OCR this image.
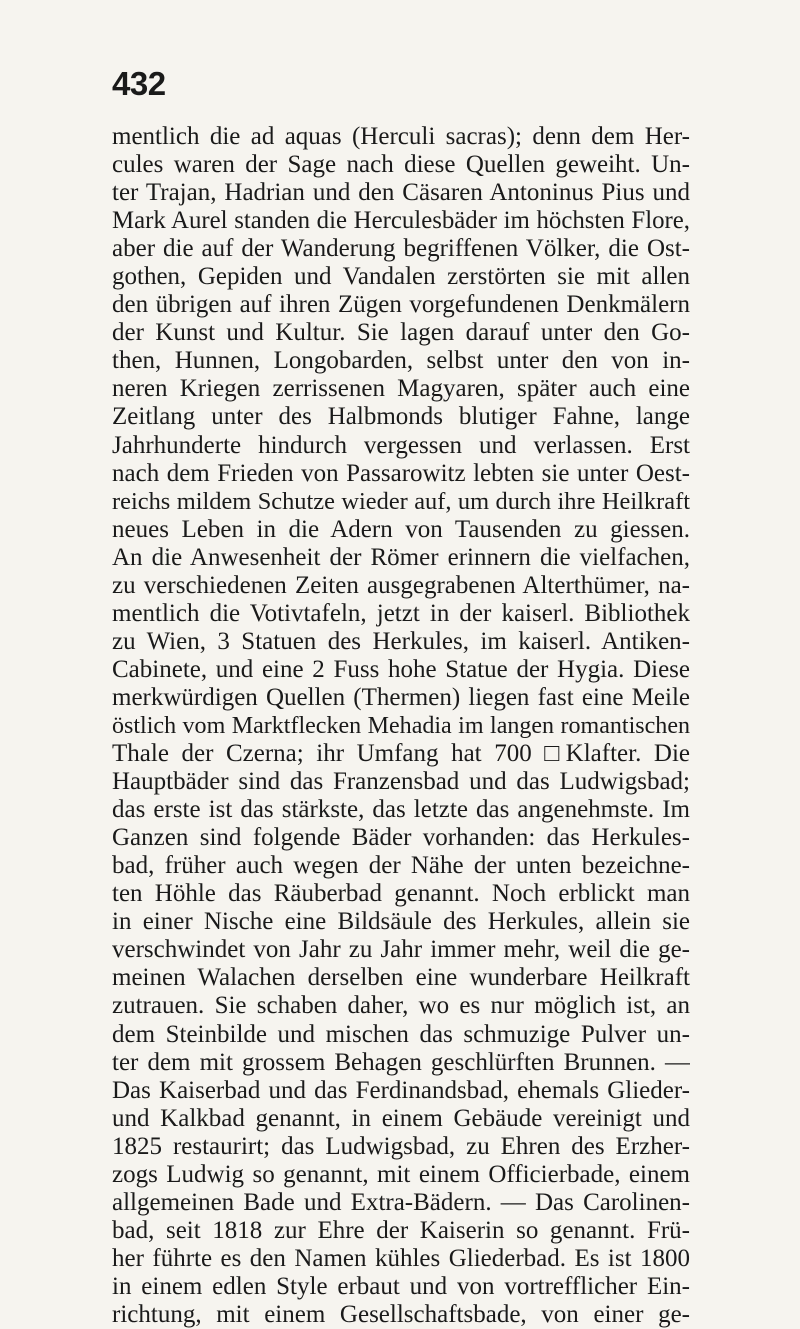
432
mentlich die ad aquas (Herculi sacras); denn dem Her-
cules waren der Sage nach diese Quellen geweiht. Un-
ter Trajan, Hadrian und den Cäsaren Antoninus Pius und
Mark Aurel standen die Herculesbäder im höchsten Flore,
aber die auf der Wanderung begriffenen Völker, die Ost-
gothen, Gepiden und Vandalen zerstörten sie mit allen
den übrigen auf ihren Zügen vorgefundenen Denkmälern
der Kunst und Kultur. Sie lagen darauf unter den Go-
then, Hunnen, Longobarden, selbst unter den von in-
neren Kriegen zerrissenen Magyaren, später auch eine
Zeitlang unter des Halbmonds blutiger Fahne, lange
Jahrhunderte hindurch vergessen und verlassen. Erst
nach dem Frieden von Passarowitz lebten sie unter Oest-
reichs mildem Schutze wieder auf, um durch ihre Heilkraft
neues Leben in die Adern von Tausenden zu giessen.
An die Anwesenheit der Römer erinnern die vielfachen,
zu verschiedenen Zeiten ausgegrabenen Alterthümer, na-
mentlich die Votivtafeln, jetzt in der kaiserl. Bibliothek
zu Wien, 3 Statuen des Herkules, im kaiserl. Antiken-
Cabinete, und eine 2 Fuss hohe Statue der Hygia. Diese
merkwürdigen Quellen (Thermen) liegen fast eine Meile
östlich vom Marktflecken Mehadia im langen romantischen
Thale der Czerna; ihr Umfang hat 700 □Klafter. Die
Hauptbäder sind das Franzensbad und das Ludwigsbad;
das erste ist das stärkste, das letzte das angenehmste. Im
Ganzen sind folgende Bäder vorhanden: das Herkules-
bad, früher auch wegen der Nähe der unten bezeichne-
ten Höhle das Räuberbad genannt. Noch erblickt man
in einer Nische eine Bildsäule des Herkules, allein sie
verschwindet von Jahr zu Jahr immer mehr, weil die ge-
meinen Walachen derselben eine wunderbare Heilkraft
zutrauen. Sie schaben daher, wo es nur möglich ist, an
dem Steinbilde und mischen das schmuzige Pulver un-
ter dem mit grossem Behagen geschlürften Brunnen. —
Das Kaiserbad und das Ferdinandsbad, ehemals Glieder-
und Kalkbad genannt, in einem Gebäude vereinigt und
1825 restaurirt; das Ludwigsbad, zu Ehren des Erzher-
zogs Ludwig so genannt, mit einem Officierbade, einem
allgemeinen Bade und Extra-Bädern. — Das Carolinen-
bad, seit 1818 zur Ehre der Kaiserin so genannt. Frü-
her führte es den Namen kühles Gliederbad. Es ist 1800
in einem edlen Style erbaut und von vortrefflicher Ein-
richtung, mit einem Gesellschaftsbade, von einer ge-
